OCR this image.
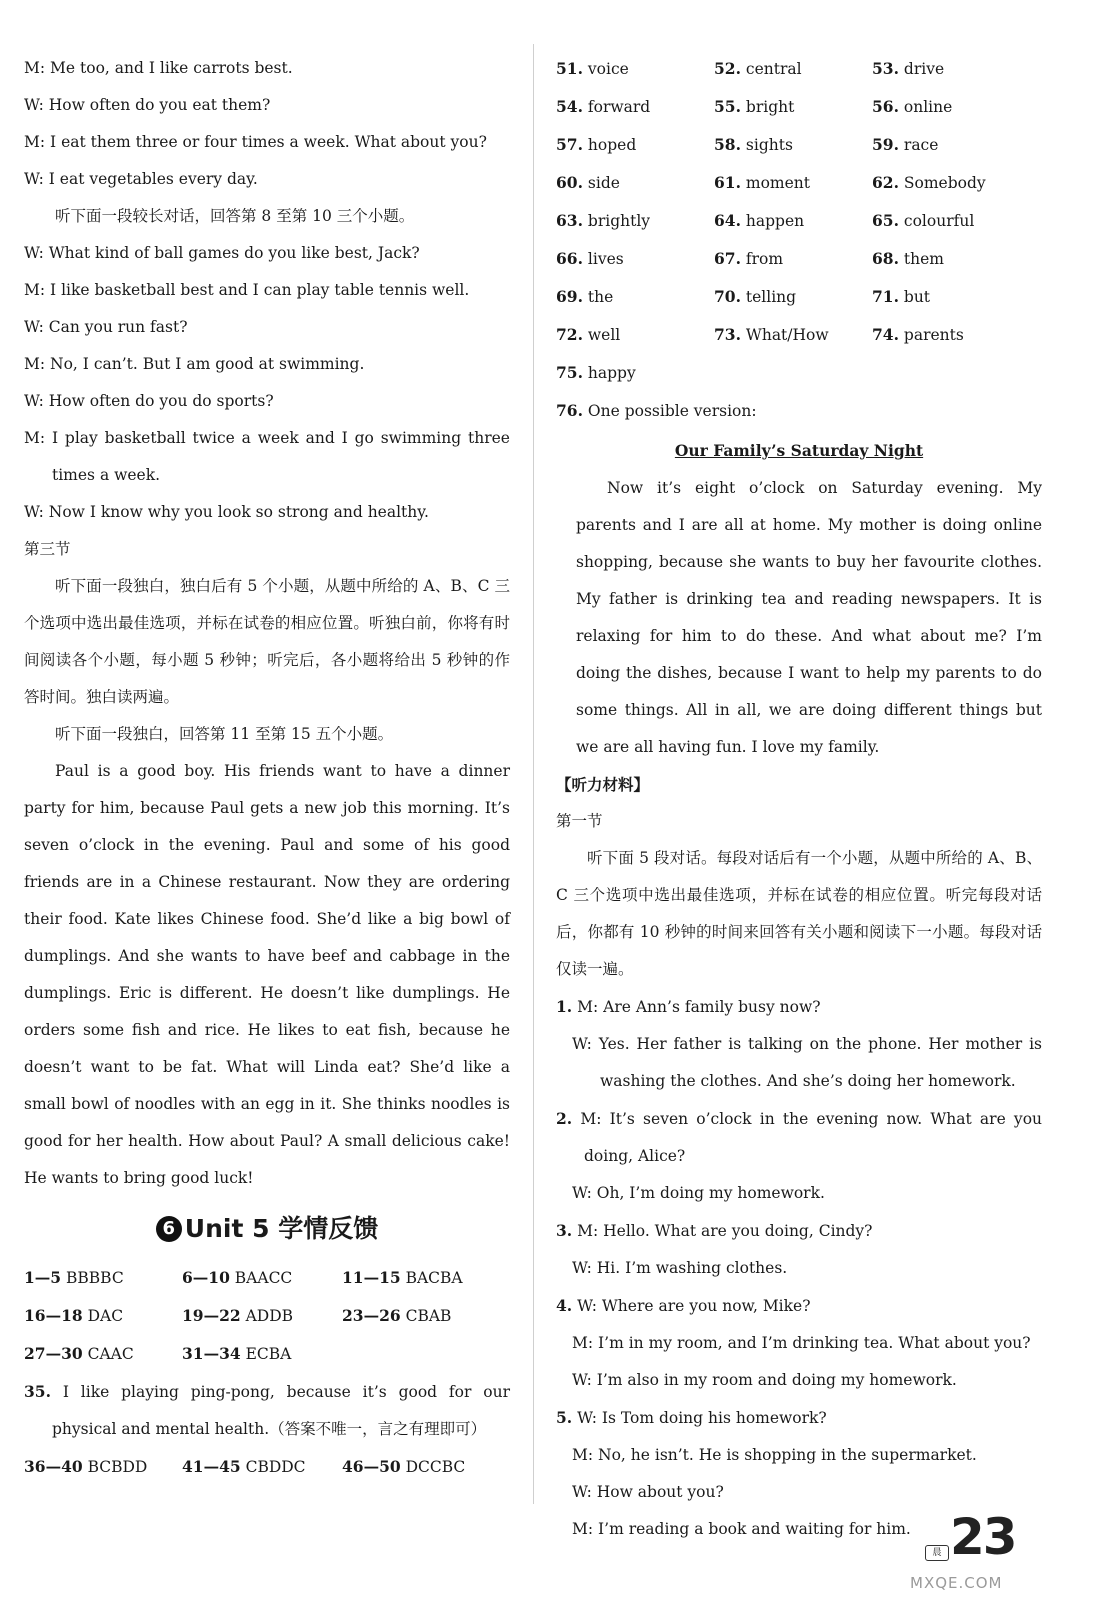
M: Me too, and I like carrots best.
W: How often do you eat them?
M: I eat them three or four times a week. What about you?
W: I eat vegetables every day.
听下面一段较长对话，回答第 8 至第 10 三个小题。
W: What kind of ball games do you like best, Jack?
M: I like basketball best and I can play table tennis well.
W: Can you run fast?
M: No, I can’t. But I am good at swimming.
W: How often do you do sports?
M: I play basketball twice a week and I go swimming three times a week.
W: Now I know why you look so strong and healthy.
第三节
听下面一段独白，独白后有 5 个小题，从题中所给的 A、B、C 三个选项中选出最佳选项，并标在试卷的相应位置。听独白前，你将有时间阅读各个小题，每小题 5 秒钟；听完后，各小题将给出 5 秒钟的作答时间。独白读两遍。
听下面一段独白，回答第 11 至第 15 五个小题。
Paul is a good boy. His friends want to have a dinner party for him, because Paul gets a new job this morning. It’s seven o’clock in the evening. Paul and some of his good friends are in a Chinese restaurant. Now they are ordering their food. Kate likes Chinese food. She’d like a big bowl of dumplings. And she wants to have beef and cabbage in the dumplings. Eric is different. He doesn’t like dumplings. He orders some fish and rice. He likes to eat fish, because he doesn’t want to be fat. What will Linda eat? She’d like a small bowl of noodles with an egg in it. She thinks noodles is good for her health. How about Paul? A small delicious cake! He wants to bring good luck!
6 Unit 5 学情反馈
1—5 BBBBC	6—10 BAACC	11—15 BACBA
16—18 DAC	19—22 ADDB	23—26 CBAB
27—30 CAAC	31—34 ECBA
35. I like playing ping-pong, because it’s good for our physical and mental health.（答案不唯一，言之有理即可）
36—40 BCBDD	41—45 CBDDC	46—50 DCCBC
51. voice	52. central	53. drive
54. forward	55. bright	56. online
57. hoped	58. sights	59. race
60. side	61. moment	62. Somebody
63. brightly	64. happen	65. colourful
66. lives	67. from	68. them
69. the	70. telling	71. but
72. well	73. What/How	74. parents
75. happy
76. One possible version:
Our Family’s Saturday Night
Now it’s eight o’clock on Saturday evening. My parents and I are all at home. My mother is doing online shopping, because she wants to buy her favourite clothes. My father is drinking tea and reading newspapers. It is relaxing for him to do these. And what about me? I’m doing the dishes, because I want to help my parents to do some things. All in all, we are doing different things but we are all having fun. I love my family.
【听力材料】
第一节
听下面 5 段对话。每段对话后有一个小题，从题中所给的 A、B、C 三个选项中选出最佳选项，并标在试卷的相应位置。听完每段对话后，你都有 10 秒钟的时间来回答有关小题和阅读下一小题。每段对话仅读一遍。
1. M: Are Ann’s family busy now?
W: Yes. Her father is talking on the phone. Her mother is washing the clothes. And she’s doing her homework.
2. M: It’s seven o’clock in the evening now. What are you doing, Alice?
W: Oh, I’m doing my homework.
3. M: Hello. What are you doing, Cindy?
W: Hi. I’m washing clothes.
4. W: Where are you now, Mike?
M: I’m in my room, and I’m drinking tea. What about you?
W: I’m also in my room and doing my homework.
5. W: Is Tom doing his homework?
M: No, he isn’t. He is shopping in the supermarket.
W: How about you?
M: I’m reading a book and waiting for him.
晨 23
MXQE.COM
